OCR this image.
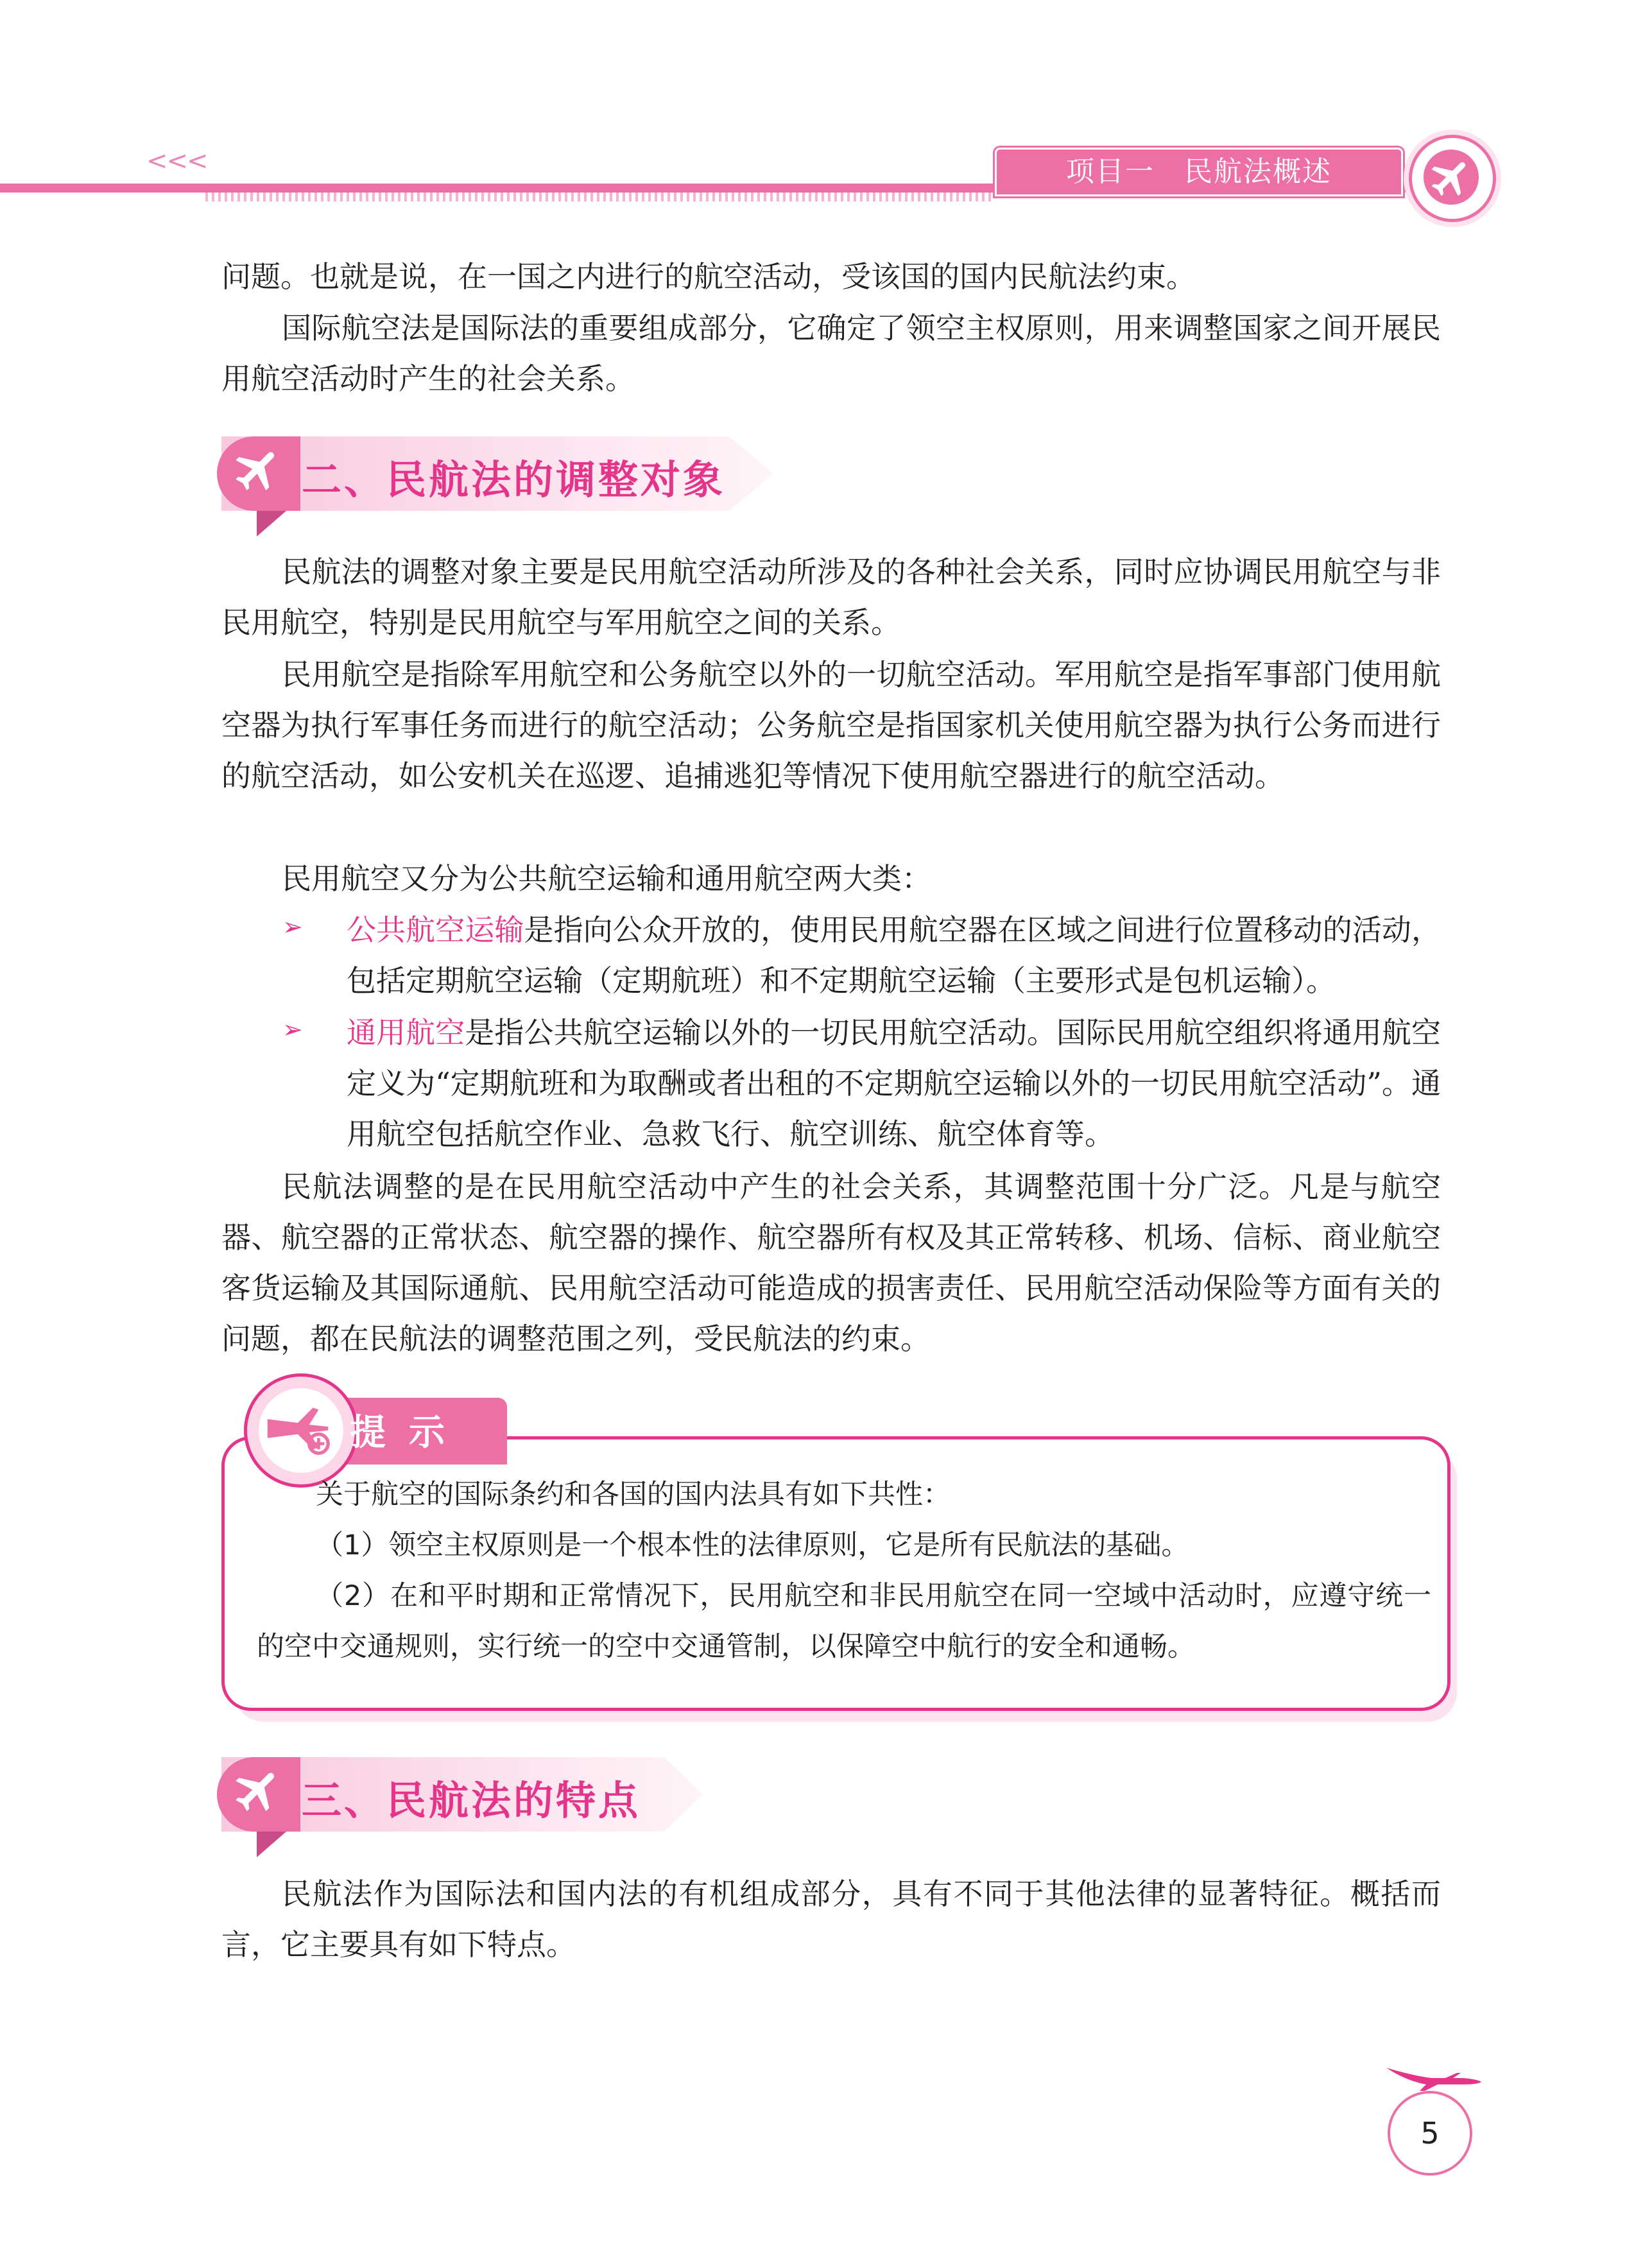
<<<	项目一　民航法概述
问题。也就是说，在一国之内进行的航空活动，受该国的国内民航法约束。
国际航空法是国际法的重要组成部分，它确定了领空主权原则，用来调整国家之间开展民用航空活动时产生的社会关系。
二、民航法的调整对象
民航法的调整对象主要是民用航空活动所涉及的各种社会关系，同时应协调民用航空与非民用航空，特别是民用航空与军用航空之间的关系。
民用航空是指除军用航空和公务航空以外的一切航空活动。军用航空是指军事部门使用航空器为执行军事任务而进行的航空活动；公务航空是指国家机关使用航空器为执行公务而进行的航空活动，如公安机关在巡逻、追捕逃犯等情况下使用航空器进行的航空活动。
民用航空又分为公共航空运输和通用航空两大类：
➢ 公共航空运输是指向公众开放的，使用民用航空器在区域之间进行位置移动的活动，包括定期航空运输（定期航班）和不定期航空运输（主要形式是包机运输）。
➢ 通用航空是指公共航空运输以外的一切民用航空活动。国际民用航空组织将通用航空定义为“定期航班和为取酬或者出租的不定期航空运输以外的一切民用航空活动”。通用航空包括航空作业、急救飞行、航空训练、航空体育等。
民航法调整的是在民用航空活动中产生的社会关系，其调整范围十分广泛。凡是与航空器、航空器的正常状态、航空器的操作、航空器所有权及其正常转移、机场、信标、商业航空客货运输及其国际通航、民用航空活动可能造成的损害责任、民用航空活动保险等方面有关的问题，都在民航法的调整范围之列，受民航法的约束。
提示
关于航空的国际条约和各国的国内法具有如下共性：
（1）领空主权原则是一个根本性的法律原则，它是所有民航法的基础。
（2）在和平时期和正常情况下，民用航空和非民用航空在同一空域中活动时，应遵守统一的空中交通规则，实行统一的空中交通管制，以保障空中航行的安全和通畅。
三、民航法的特点
民航法作为国际法和国内法的有机组成部分，具有不同于其他法律的显著特征。概括而言，它主要具有如下特点。
5
